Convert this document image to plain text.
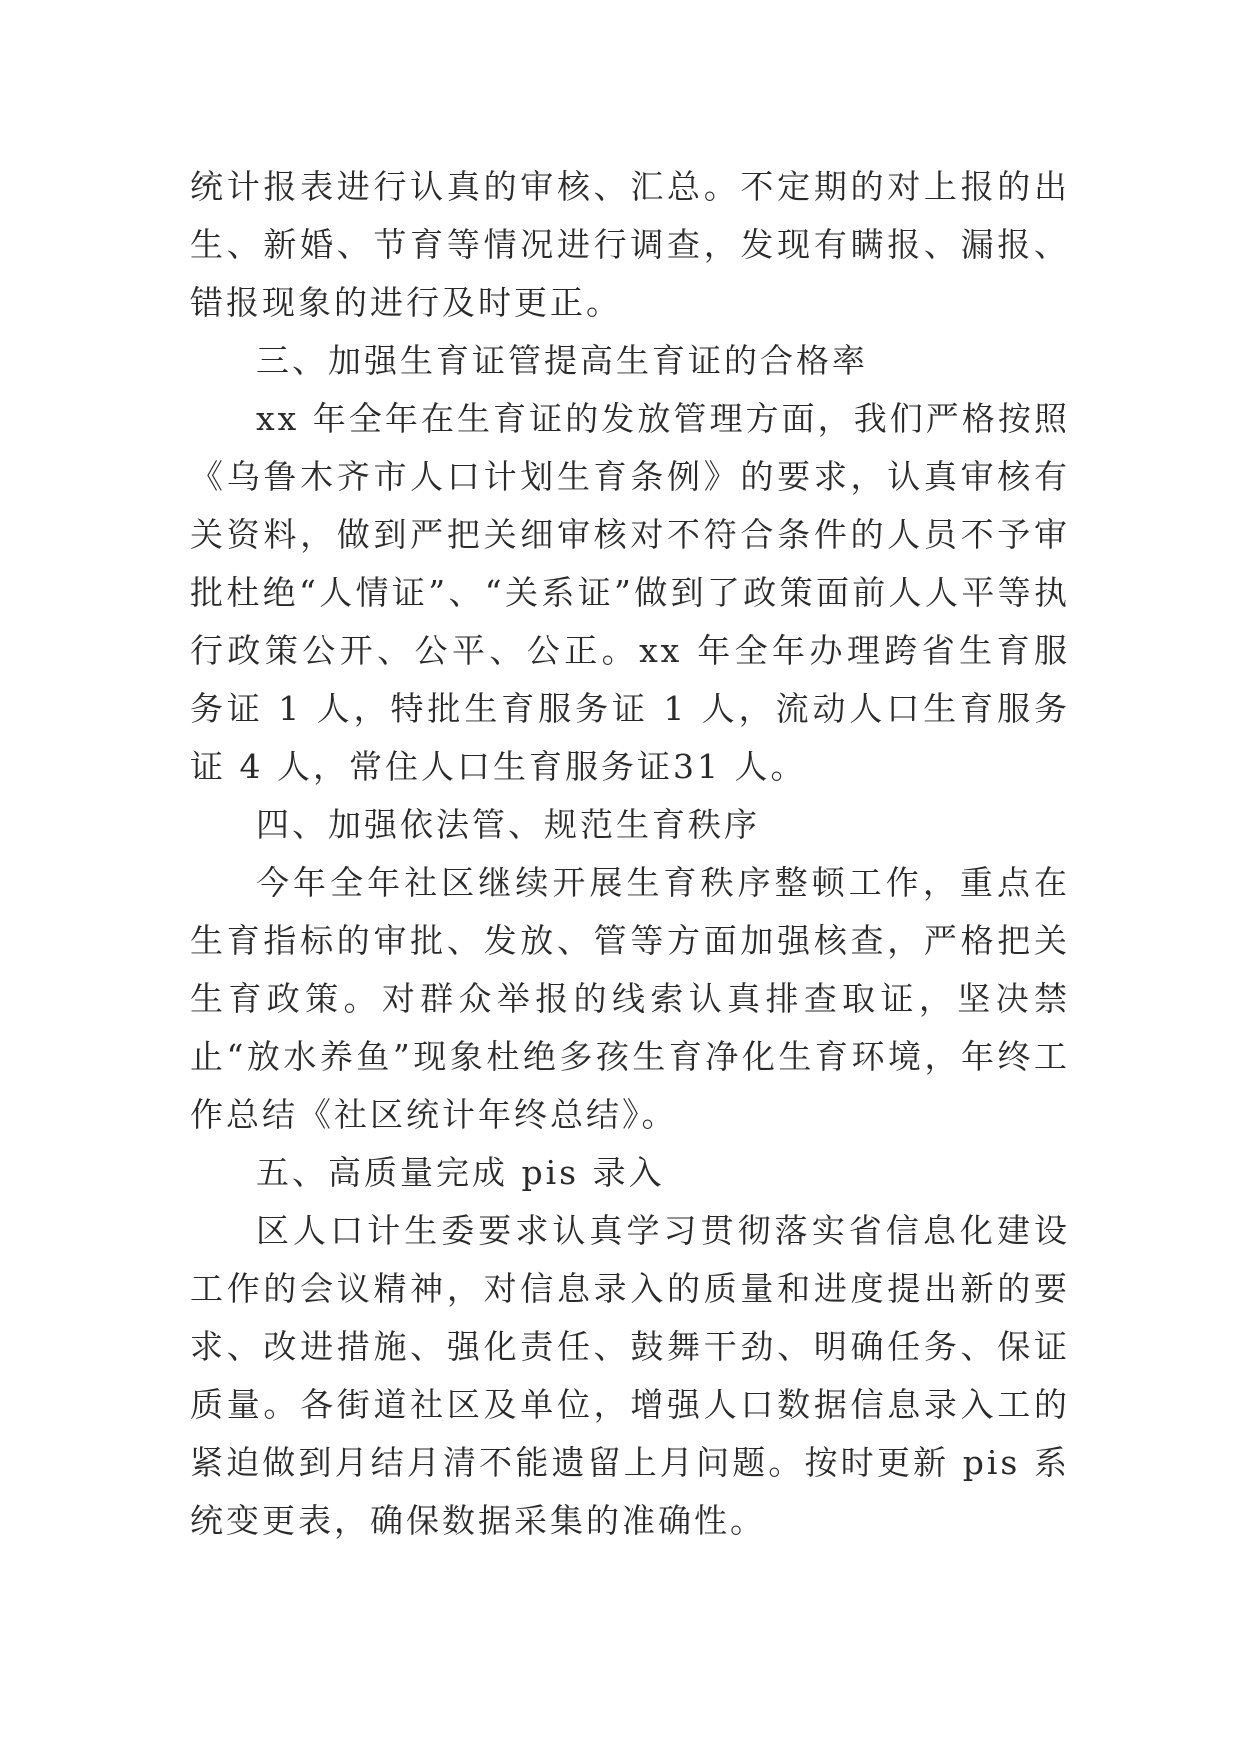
统计报表进行认真的审核、汇总。不定期的对上报的出生、新婚、节育等情况进行调查，发现有瞒报、漏报、错报现象的进行及时更正。

三、加强生育证管提高生育证的合格率

xx 年全年在生育证的发放管理方面，我们严格按照《乌鲁木齐市人口计划生育条例》的要求，认真审核有关资料，做到严把关细审核对不符合条件的人员不予审批杜绝“人情证”、“关系证”做到了政策面前人人平等执行政策公开、公平、公正。xx 年全年办理跨省生育服务证 1 人，特批生育服务证 1 人，流动人口生育服务证 4 人，常住人口生育服务证31 人。

四、加强依法管、规范生育秩序

今年全年社区继续开展生育秩序整顿工作，重点在生育指标的审批、发放、管等方面加强核查，严格把关生育政策。对群众举报的线索认真排查取证，坚决禁止“放水养鱼”现象杜绝多孩生育净化生育环境，年终工作总结《社区统计年终总结》。

五、高质量完成 pis 录入

区人口计生委要求认真学习贯彻落实省信息化建设工作的会议精神，对信息录入的质量和进度提出新的要求、改进措施、强化责任、鼓舞干劲、明确任务、保证质量。各街道社区及单位，增强人口数据信息录入工的紧迫做到月结月清不能遗留上月问题。按时更新 pis 系统变更表，确保数据采集的准确性。
